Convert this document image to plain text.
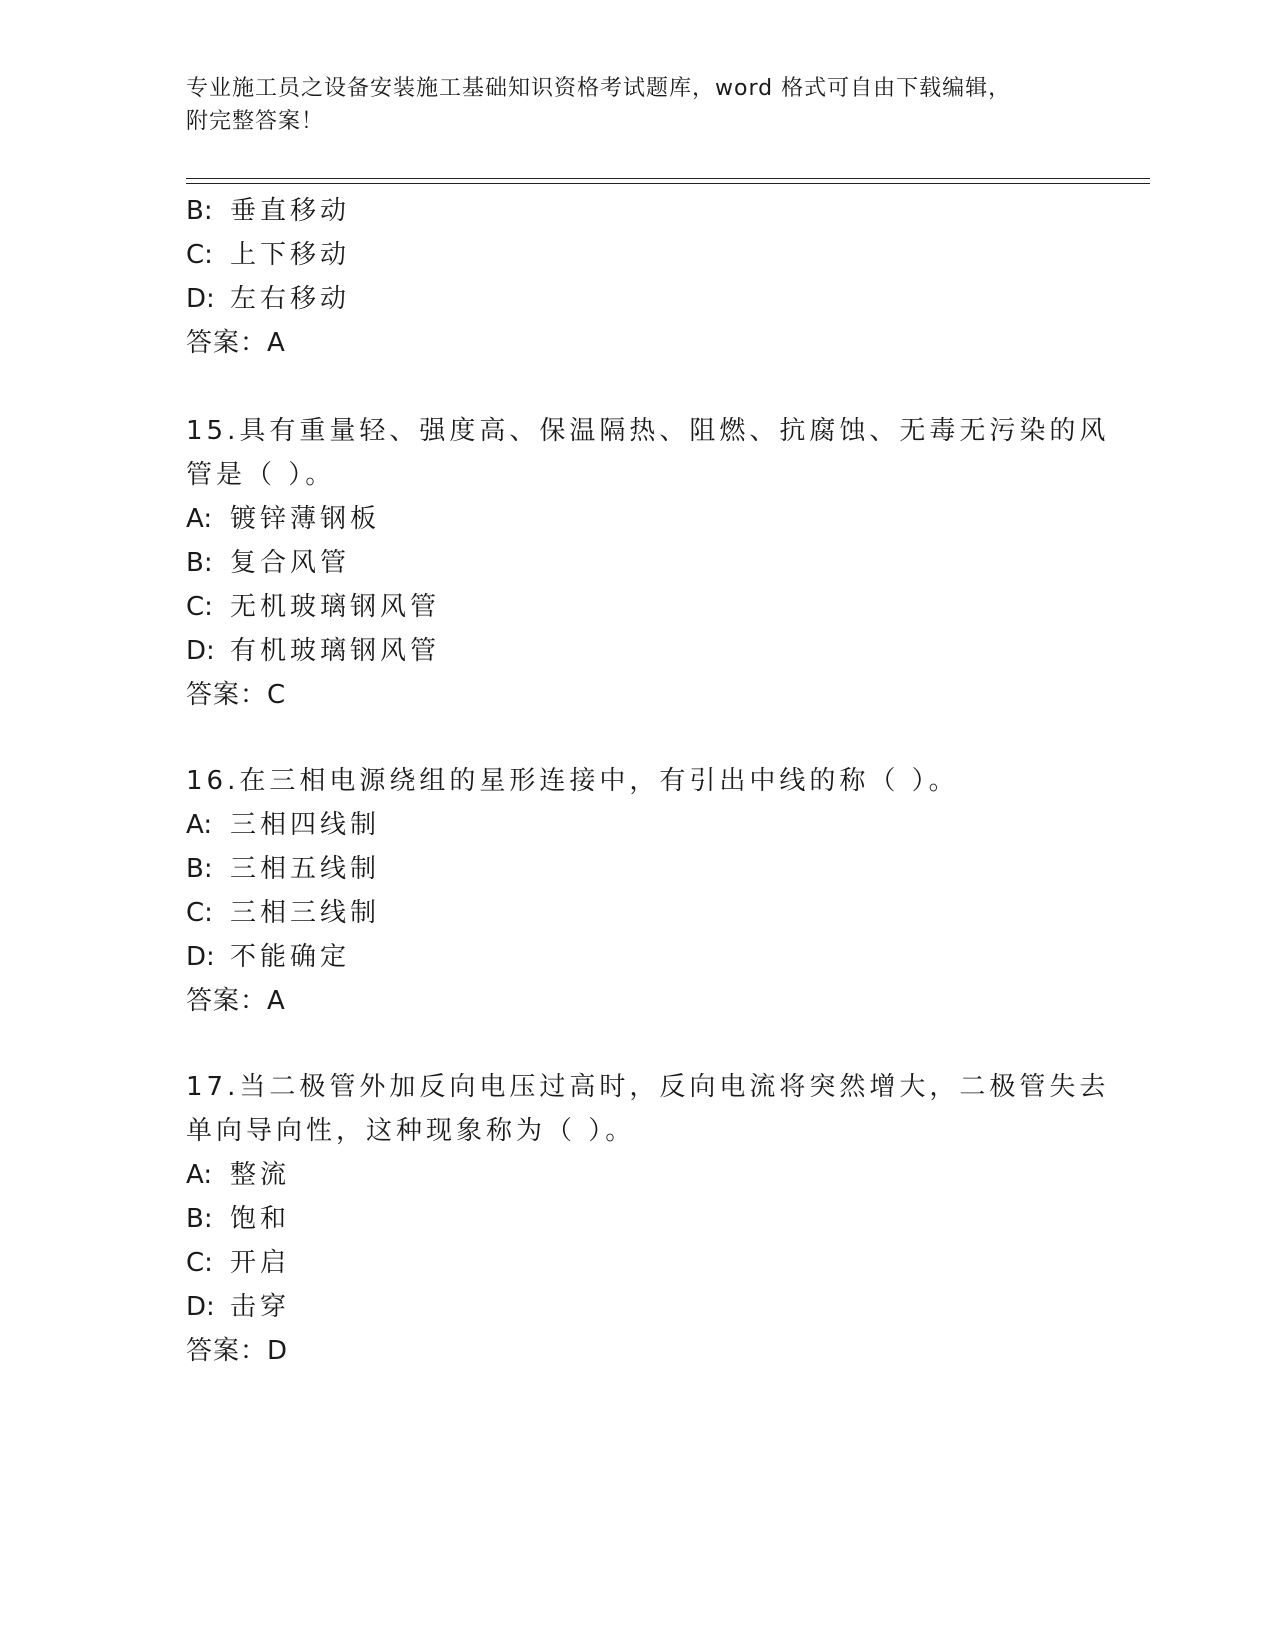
专业施工员之设备安装施工基础知识资格考试题库，word 格式可自由下载编辑，
附完整答案！
B: 垂直移动
C: 上下移动
D: 左右移动
答案：A
15.具有重量轻、强度高、保温隔热、阻燃、抗腐蚀、无毒无污染的风
管是（ ）。
A: 镀锌薄钢板
B: 复合风管
C: 无机玻璃钢风管
D: 有机玻璃钢风管
答案：C
16.在三相电源绕组的星形连接中，有引出中线的称（ ）。
A: 三相四线制
B: 三相五线制
C: 三相三线制
D: 不能确定
答案：A
17.当二极管外加反向电压过高时，反向电流将突然增大，二极管失去
单向导向性，这种现象称为（ ）。
A: 整流
B: 饱和
C: 开启
D: 击穿
答案：D
